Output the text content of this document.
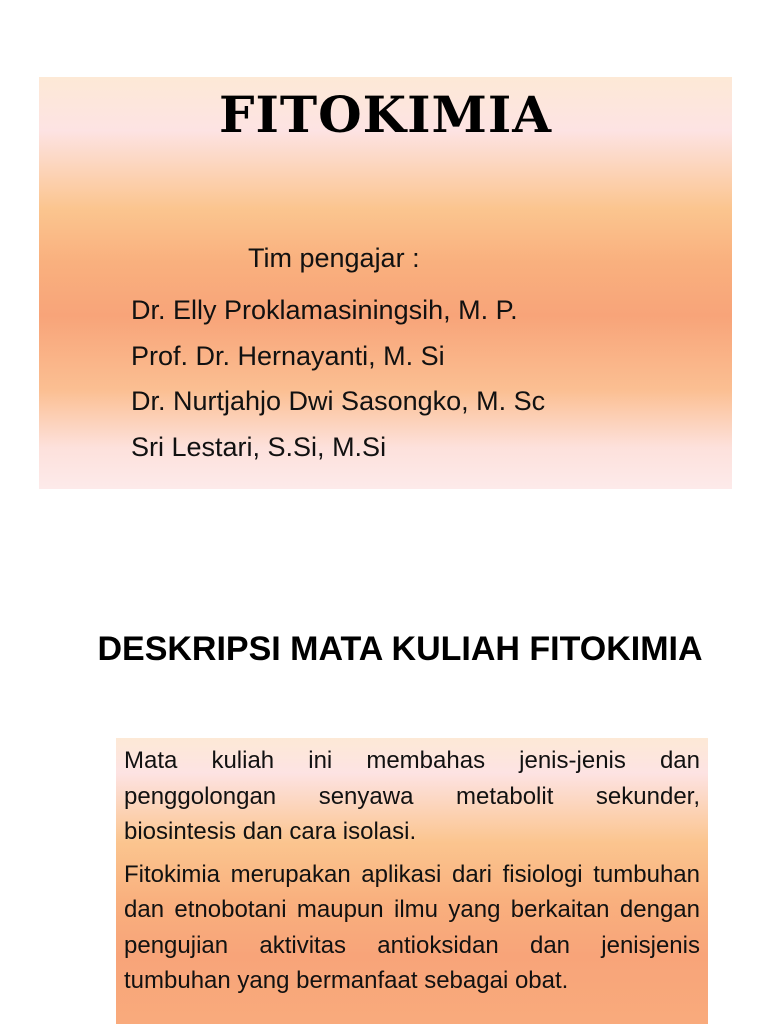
FITOKIMIA

Tim pengajar :

Dr. Elly Proklamasiningsih, M. P.
Prof. Dr. Hernayanti, M. Si
Dr. Nurtjahjo Dwi Sasongko, M. Sc
Sri Lestari, S.Si, M.Si
DESKRIPSI MATA KULIAH FITOKIMIA

Mata kuliah ini membahas jenis-jenis dan penggolongan senyawa metabolit sekunder, biosintesis dan cara isolasi.

Fitokimia merupakan aplikasi dari fisiologi tumbuhan dan etnobotani maupun ilmu yang berkaitan dengan pengujian aktivitas antioksidan dan jenisjenis tumbuhan yang bermanfaat sebagai obat.
